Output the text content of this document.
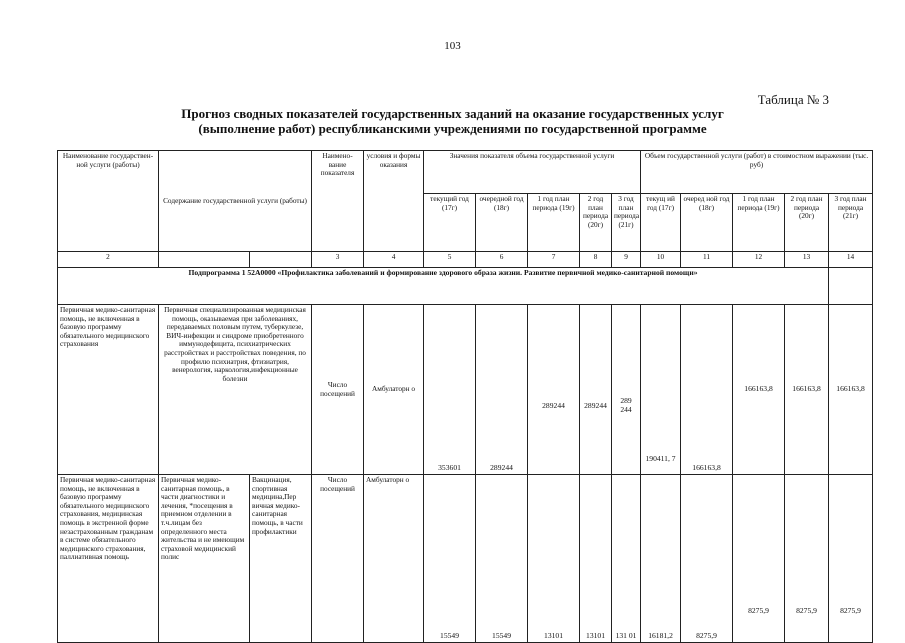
103
Таблица № 3
Прогноз сводных показателей государственных заданий на оказание государственных услуг
(выполнение работ) республиканскими учреждениями по государственной программе
Наименование государствен-ной услуги (работы)	Содержание государственной услуги (работы)		Наимено-вание показателя	условия и формы оказания	Значения показателя объема государственной услуги					Объем государственной услуги (работ) в стоимостном выражении (тыс. руб)				
					текущий год (17г)	очередной год (18г)	1 год план периода (19г)	2 год план периода (20г)	3 год план периода (21г)	текущ ий год (17г)	очеред ной год (18г)	1 год план периода (19г)	2 год план периода (20г)	3 год план периода (21г)
2			3	4	5	6	7	8	9	10	11	12	13	14
Подпрограмма 1 52А0000 «Профилактика заболеваний и формирование здорового образа жизни. Развитие первичной медико-санитарной помощи»														
Первичная медико-санитарная помощь, не включенная в базовую программу обязательного медицинского страхования	Первичная специализированная медицинская помощь, оказываемая при заболеваниях, передаваемых половым путем, туберкулезе, ВИЧ-инфекции и синдроме приобретенного иммунодефицита, психиатрических расстройствах и расстройствах поведения, по профилю психиатрия, фтизиатрия, венерология, наркология,инфекционные болезни		Число посещений	Амбулаторн о	353601	289244	289244	289244	289 244	190411, 7	166163,8	166163,8	166163,8	166163,8
Первичная медико-санитарная помощь, не включенная в базовую программу обязательного медицинского страхования, медицинская помощь в экстренной форме незастрахованным гражданам в системе обязательного медицинского страхования, паллиативная помощь	Первичная медико-санитарная помощь, в части диагностики и лечения, *посещения в приемном отделении в т.ч.лицам без определенного места жительства и не имеющим страховой медицинский полис	Вакцинация, спортивная медицина,Пер вичная медико-санитарная помощь, в части профилактики	Число посещений	Амбулаторн о	15549	15549	13101	13101	131 01	16181,2	8275,9	8275,9	8275,9	8275,9
